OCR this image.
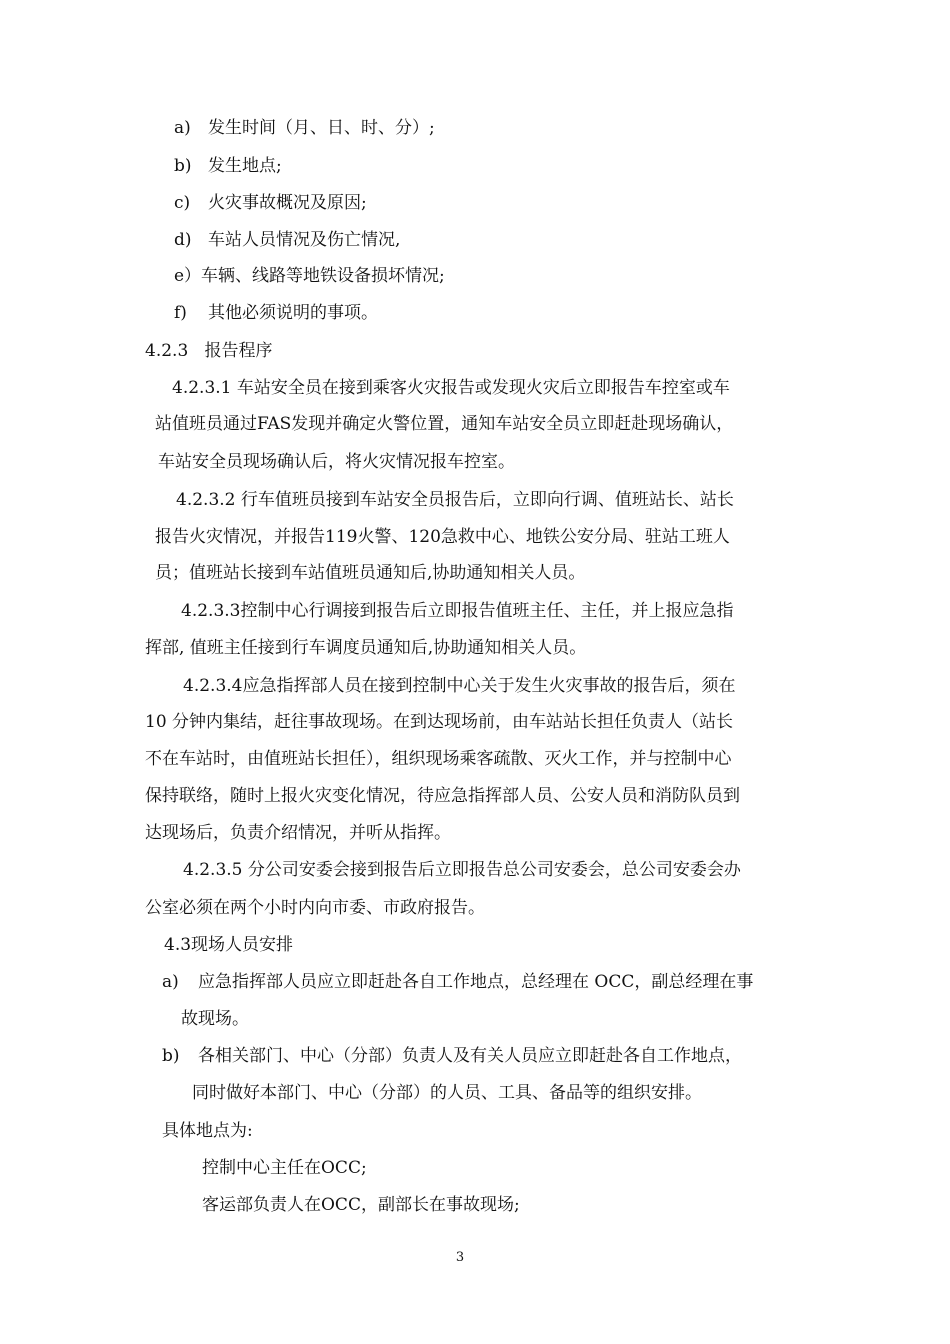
a) 发生时间（月、日、时、分）;
b) 发生地点;
c) 火灾事故概况及原因;
d) 车站人员情况及伤亡情况,
e）车辆、线路等地铁设备损坏情况;
f) 其他必须说明的事项。
4.2.3   报告程序
4.2.3.1 车站安全员在接到乘客火灾报告或发现火灾后立即报告车控室或车
站值班员通过FAS发现并确定火警位置，通知车站安全员立即赶赴现场确认，
车站安全员现场确认后，将火灾情况报车控室。
4.2.3.2 行车值班员接到车站安全员报告后，立即向行调、值班站长、站长
报告火灾情况，并报告119火警、120急救中心、地铁公安分局、驻站工班人
员；值班站长接到车站值班员通知后,协助通知相关人员。
4.2.3.3控制中心行调接到报告后立即报告值班主任、主任，并上报应急指
挥部, 值班主任接到行车调度员通知后,协助通知相关人员。
4.2.3.4应急指挥部人员在接到控制中心关于发生火灾事故的报告后，须在
10 分钟内集结，赶往事故现场。在到达现场前，由车站站长担任负责人（站长
不在车站时，由值班站长担任），组织现场乘客疏散、灭火工作，并与控制中心
保持联络，随时上报火灾变化情况，待应急指挥部人员、公安人员和消防队员到
达现场后，负责介绍情况，并听从指挥。
4.2.3.5 分公司安委会接到报告后立即报告总公司安委会，总公司安委会办
公室必须在两个小时内向市委、市政府报告。
4.3现场人员安排
a) 应急指挥部人员应立即赶赴各自工作地点，总经理在 OCC，副总经理在事
故现场。
b) 各相关部门、中心（分部）负责人及有关人员应立即赶赴各自工作地点，
同时做好本部门、中心（分部）的人员、工具、备品等的组织安排。
具体地点为:
控制中心主任在OCC;
客运部负责人在OCC，副部长在事故现场;
3
